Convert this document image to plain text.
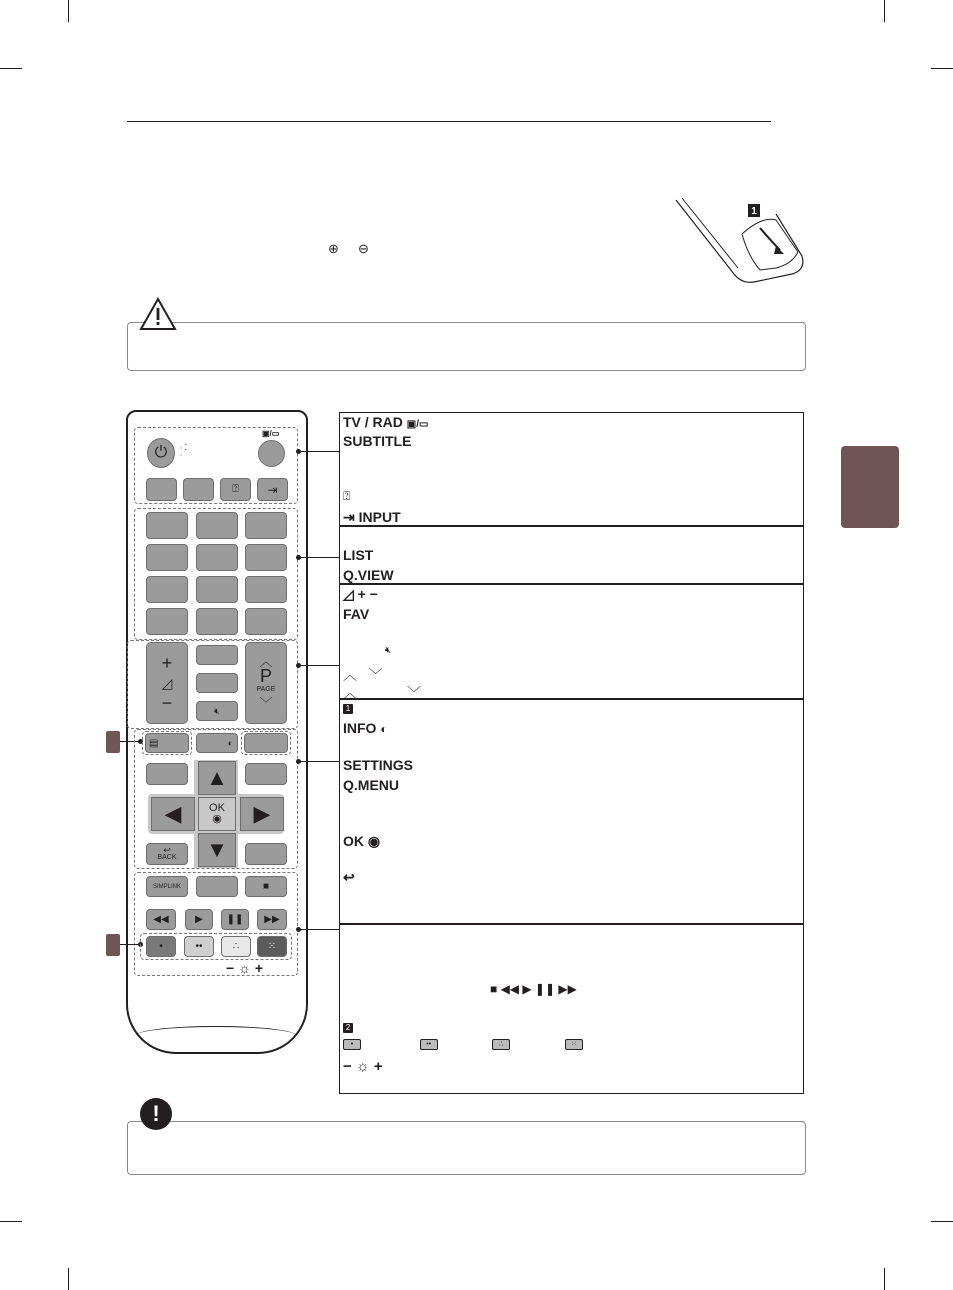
⊕ ⊖
1
⏻	∙ ⁚
∙
▣/▭
⍰	⇥
+
◿
−	🔇︎
︿
P
PAGE
﹀
▤	◐
▲
◀	OK
◉	▶
▼
↩
BACK
SIMPLINK	■
◀◀	▶	❚❚	▶▶
•	••	∴	⁙
− ☼ +
TV / RAD ▣/▭
SUBTITLE
⍰
⇥ INPUT
LIST
Q.VIEW
◿ + −
FAV
🔇︎
︿   ﹀
︿	﹀
1
INFO ◐
SETTINGS
Q.MENU
OK ◉
↩
■ ◀◀ ▶ ❚❚ ▶▶
2
•	••	∴	⁙
− ☼ +
!
